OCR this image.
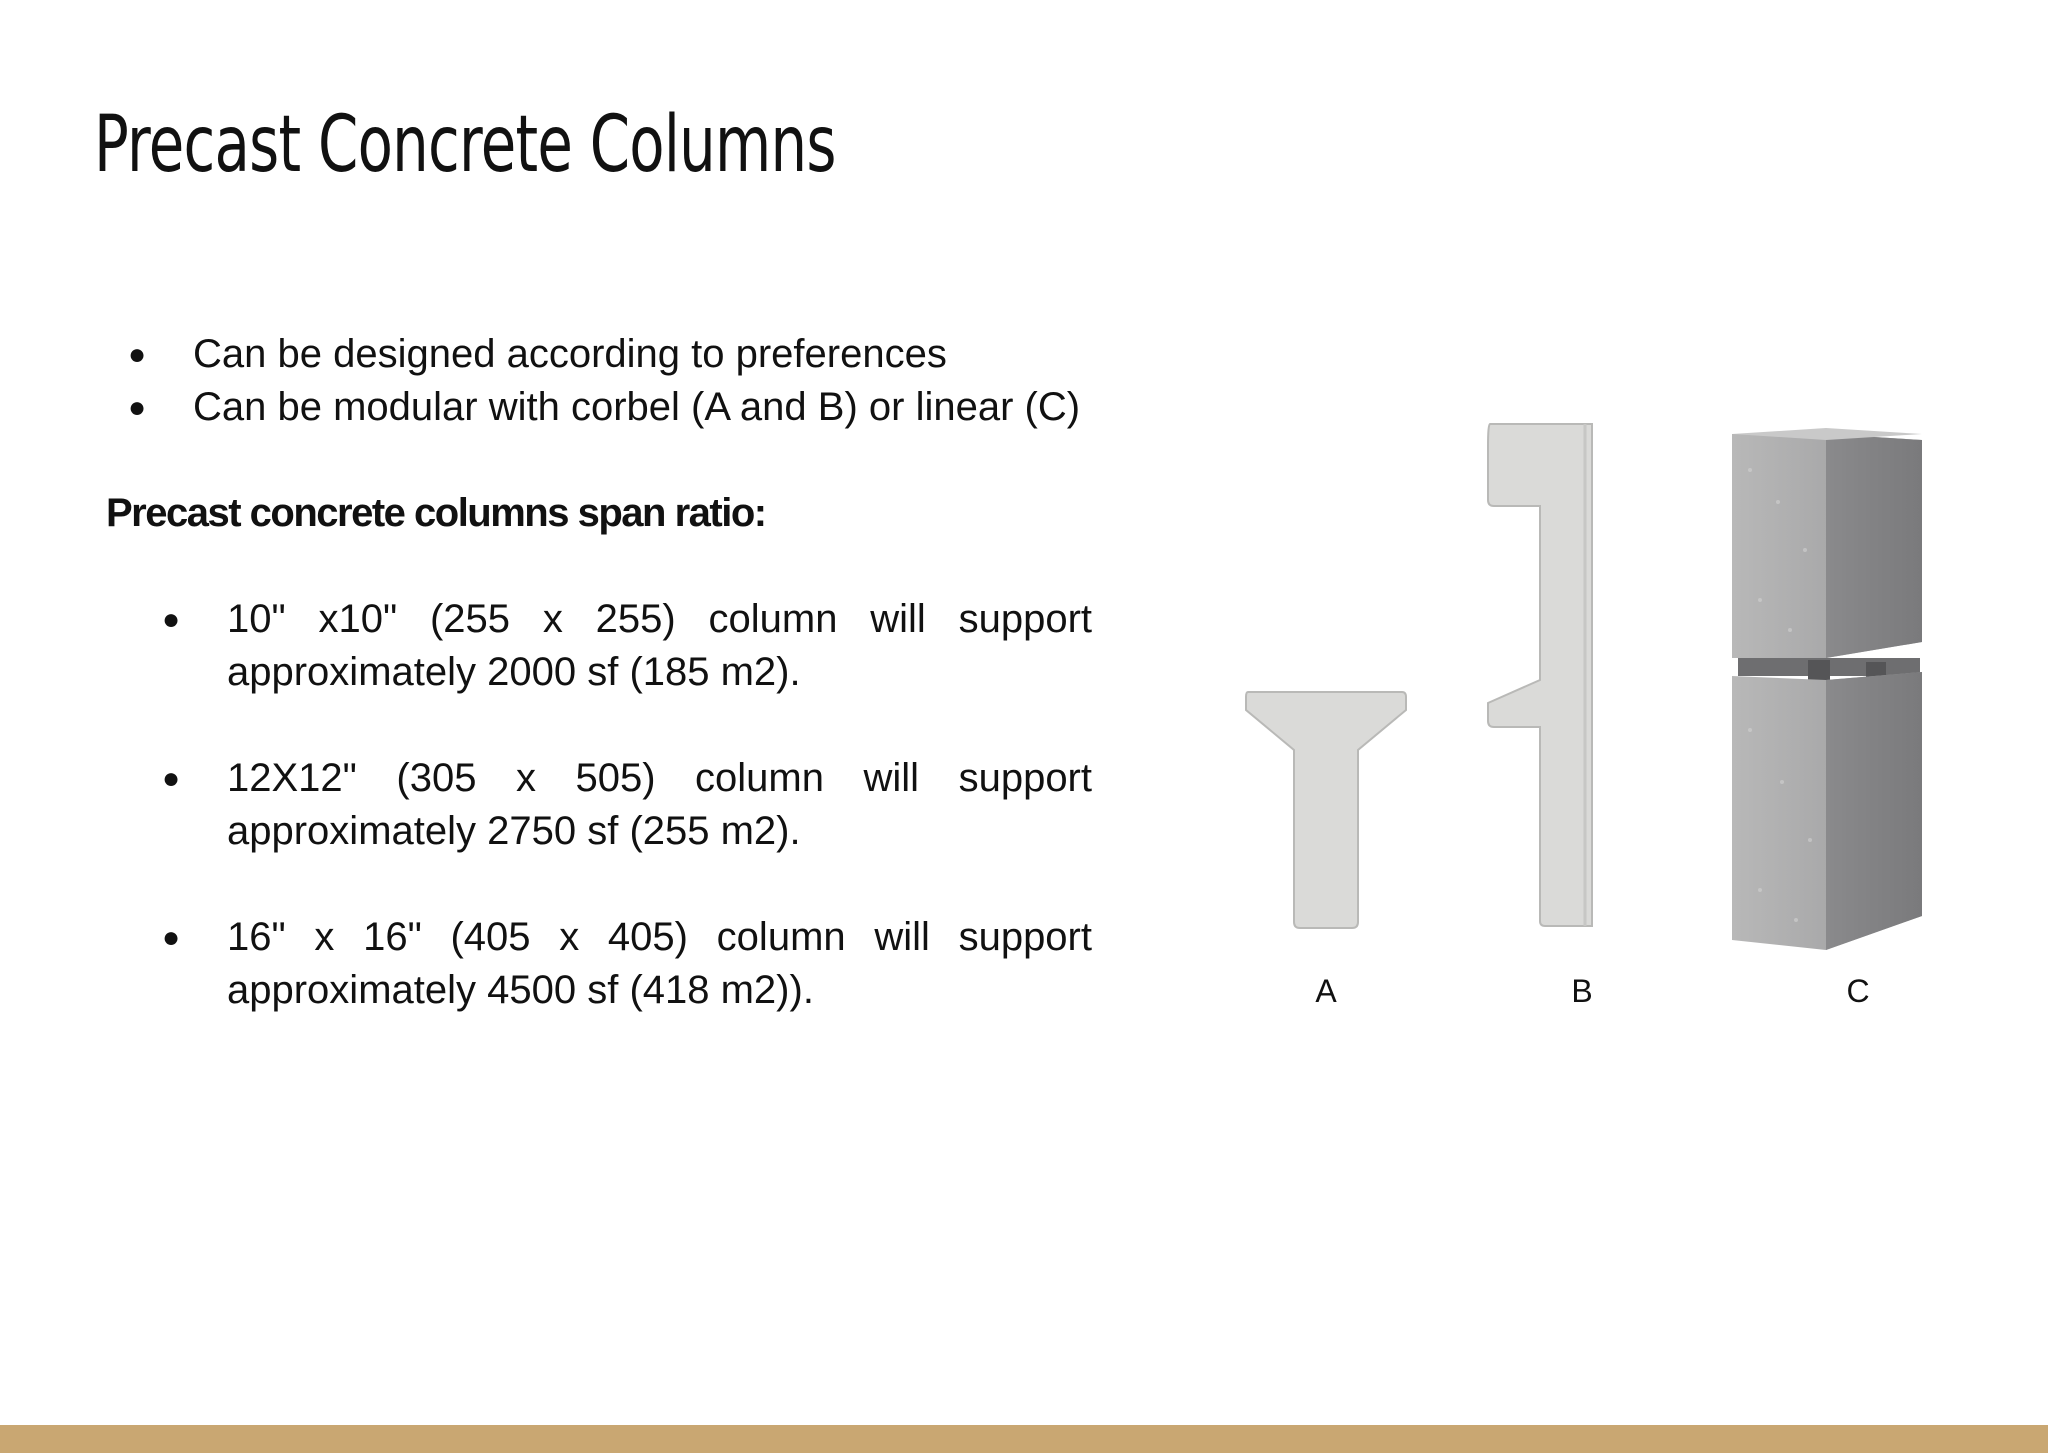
Precast Concrete Columns
● Can be designed according to preferences
● Can be modular with corbel (A and B) or linear (C)
Precast concrete columns span ratio:
● 10" x10" (255 x 255) column will support approximately 2000 sf (185 m2).
● 12X12" (305 x 505) column will support approximately 2750 sf (255 m2).
● 16" x 16" (405 x 405) column will support approximately 4500 sf (418 m2)).	A	B	C
